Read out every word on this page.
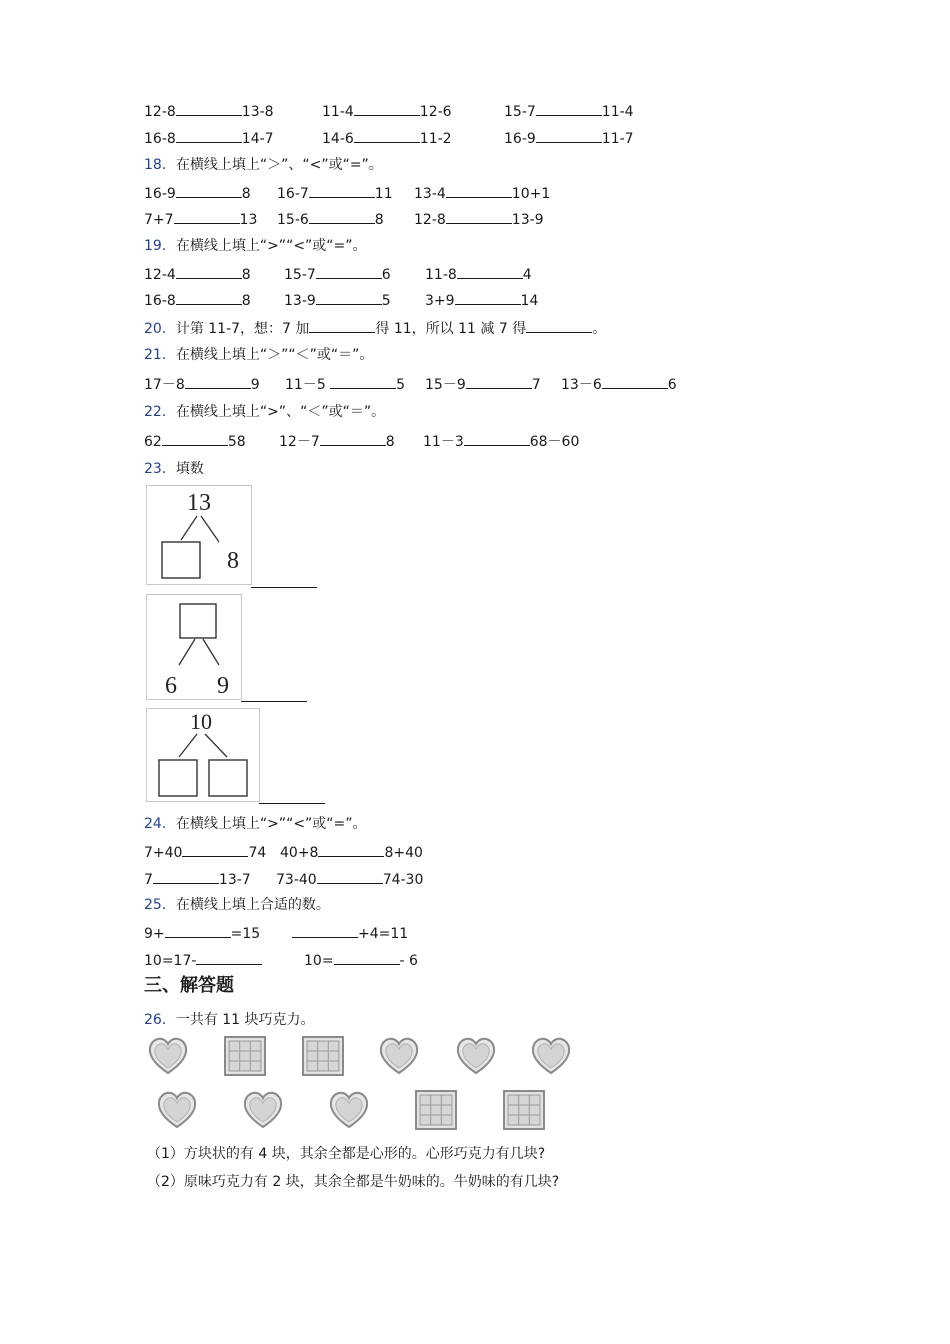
12-8	13-8	11-4	12-6	15-7	11-4
16-8	14-7	14-6	11-2	16-9	11-7
18．在横线上填上“＞”、“<”或“=”。
16-9	8 16-7	11 13-4	10+1
7+7	13 15-6	8 12-8	13-9
19．在横线上填上“>”“<”或“=”。
12-4	8 15-7	6 11-8	4
16-8	8 13-9	5 3+9	14
20．计第 11-7，想：7 加	得 11，所以 11 减 7 得	。
21．在横线上填上“＞”“＜”或“＝”。
17－8	9 11－5	5 15－9	7 13－6	6
22．在横线上填上“>”、“＜”或“＝”。
62	58 12－7	8 11－3	68－60
23．填数
13
8
6 9
10
24．在横线上填上“>”“<”或“=”。
7+40	74 40+8	8+40
7	13-7 73-40	74-30
25．在横线上填上合适的数。
9+	=15	+4=11
10=17-	10=	- 6
三、解答题
26．一共有 11 块巧克力。
（1）方块状的有 4 块，其余全都是心形的。心形巧克力有几块?
（2）原味巧克力有 2 块，其余全都是牛奶味的。牛奶味的有几块?
